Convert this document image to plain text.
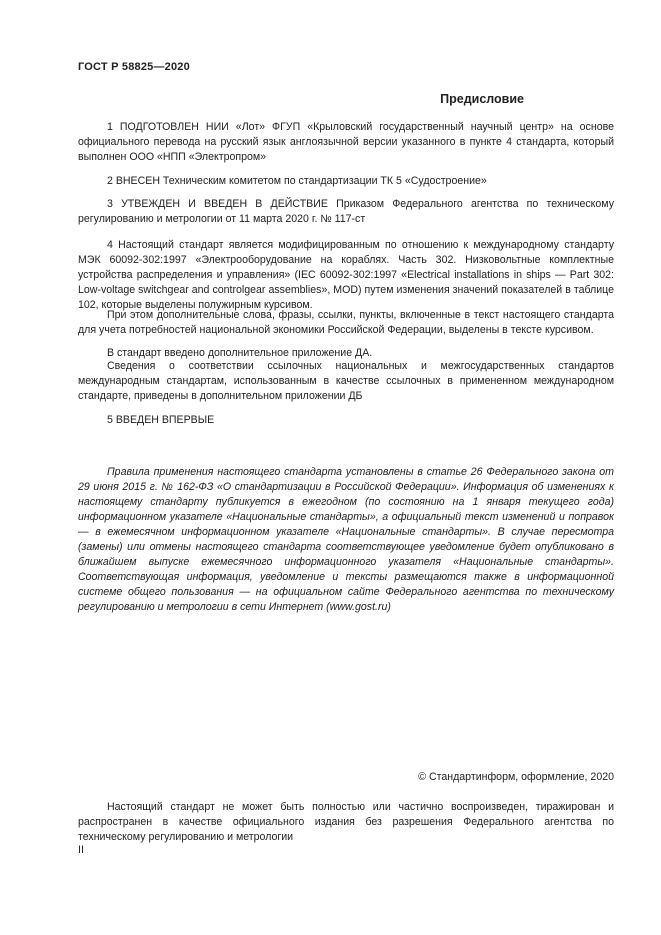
ГОСТ Р 58825—2020
Предисловие

1 ПОДГОТОВЛЕН НИИ «Лот» ФГУП «Крыловский государственный научный центр» на основе официального перевода на русский язык англоязычной версии указанного в пункте 4 стандарта, который выполнен ООО «НПП «Электропром»

2 ВНЕСЕН Техническим комитетом по стандартизации ТК 5 «Судостроение»

3 УТВЕЖДЕН И ВВЕДЕН В ДЕЙСТВИЕ Приказом Федерального агентства по техническому регулированию и метрологии от 11 марта 2020 г. № 117-ст

4 Настоящий стандарт является модифицированным по отношению к международному стандарту МЭК 60092-302:1997 «Электрооборудование на кораблях. Часть 302. Низковольтные комплектные устройства распределения и управления» (IEC 60092-302:1997 «Electrical installations in ships — Part 302: Low-voltage switchgear and controlgear assemblies», MOD) путем изменения значений показателей в таблице 102, которые выделены полужирным курсивом.

При этом дополнительные слова, фразы, ссылки, пункты, включенные в текст настоящего стандарта для учета потребностей национальной экономики Российской Федерации, выделены в тексте курсивом.

В стандарт введено дополнительное приложение ДА.

Сведения о соответствии ссылочных национальных и межгосударственных стандартов международным стандартам, использованным в качестве ссылочных в примененном международном стандарте, приведены в дополнительном приложении ДБ

5 ВВЕДЕН ВПЕРВЫЕ

Правила применения настоящего стандарта установлены в статье 26 Федерального закона от 29 июня 2015 г. № 162-ФЗ «О стандартизации в Российской Федерации». Информация об изменениях к настоящему стандарту публикуется в ежегодном (по состоянию на 1 января текущего года) информационном указателе «Национальные стандарты», а официальный текст изменений и поправок — в ежемесячном информационном указателе «Национальные стандарты». В случае пересмотра (замены) или отмены настоящего стандарта соответствующее уведомление будет опубликовано в ближайшем выпуске ежемесячного информационного указателя «Национальные стандарты». Соответствующая информация, уведомление и тексты размещаются также в информационной системе общего пользования — на официальном сайте Федерального агентства по техническому регулированию и метрологии в сети Интернет (www.gost.ru)

© Стандартинформ, оформление, 2020

Настоящий стандарт не может быть полностью или частично воспроизведен, тиражирован и распространен в качестве официального издания без разрешения Федерального агентства по техническому регулированию и метрологии

II
